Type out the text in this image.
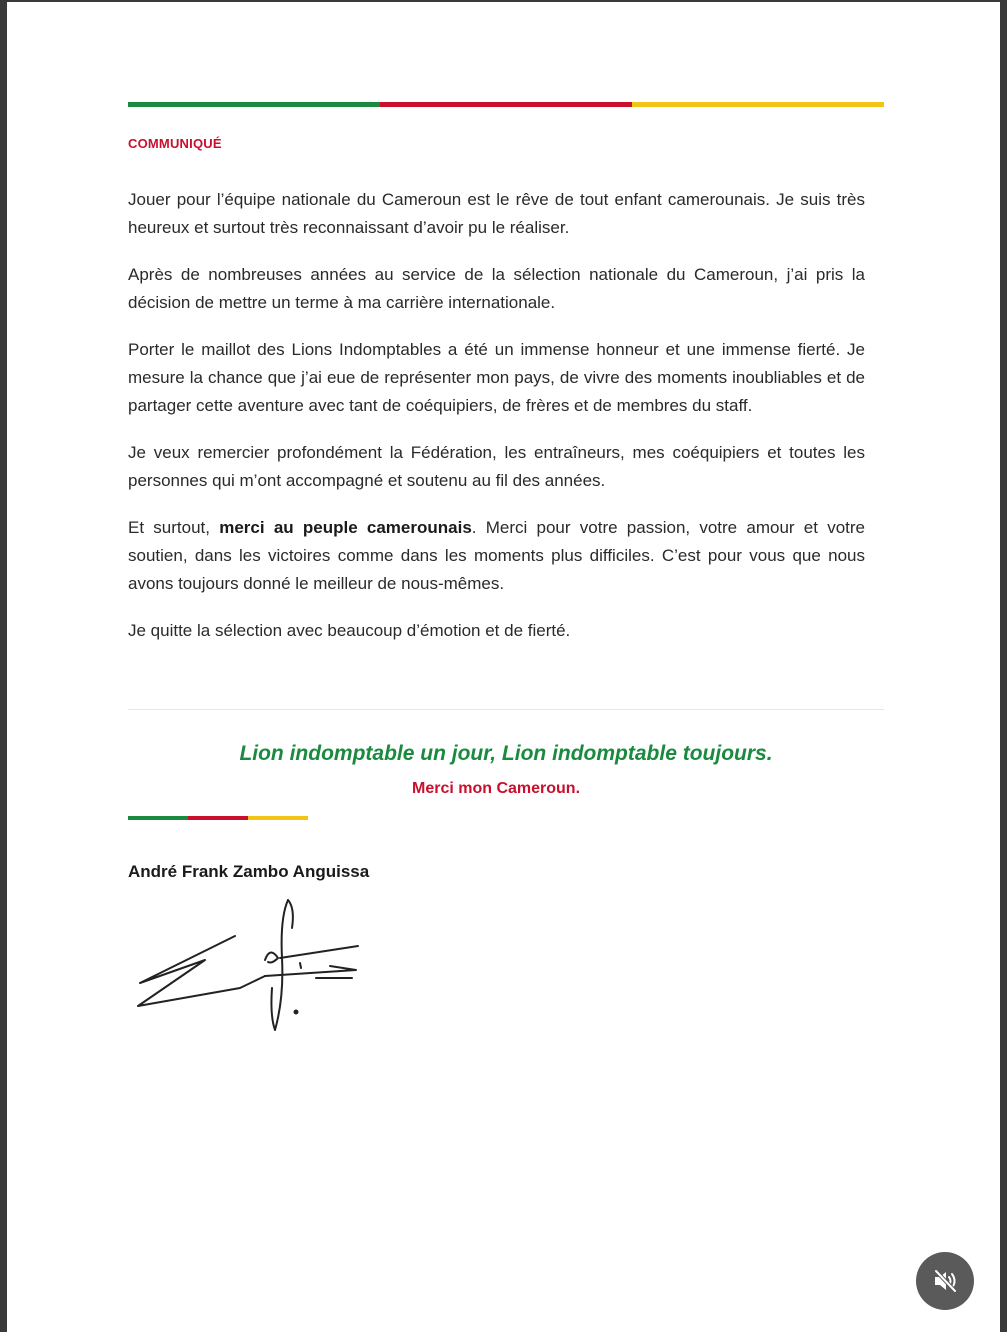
COMMUNIQUÉ

Jouer pour l’équipe nationale du Cameroun est le rêve de tout enfant camerounais. Je suis très heureux et surtout très reconnaissant d’avoir pu le réaliser.

Après de nombreuses années au service de la sélection nationale du Cameroun, j’ai pris la décision de mettre un terme à ma carrière internationale.

Porter le maillot des Lions Indomptables a été un immense honneur et une immense fierté. Je mesure la chance que j’ai eue de représenter mon pays, de vivre des moments inoubliables et de partager cette aventure avec tant de coéquipiers, de frères et de membres du staff.

Je veux remercier profondément la Fédération, les entraîneurs, mes coéquipiers et toutes les personnes qui m’ont accompagné et soutenu au fil des années.

Et surtout, merci au peuple camerounais. Merci pour votre passion, votre amour et votre soutien, dans les victoires comme dans les moments plus difficiles. C’est pour vous que nous avons toujours donné le meilleur de nous-mêmes.

Je quitte la sélection avec beaucoup d’émotion et de fierté.

Lion indomptable un jour, Lion indomptable toujours.
Merci mon Cameroun.
André Frank Zambo Anguissa
